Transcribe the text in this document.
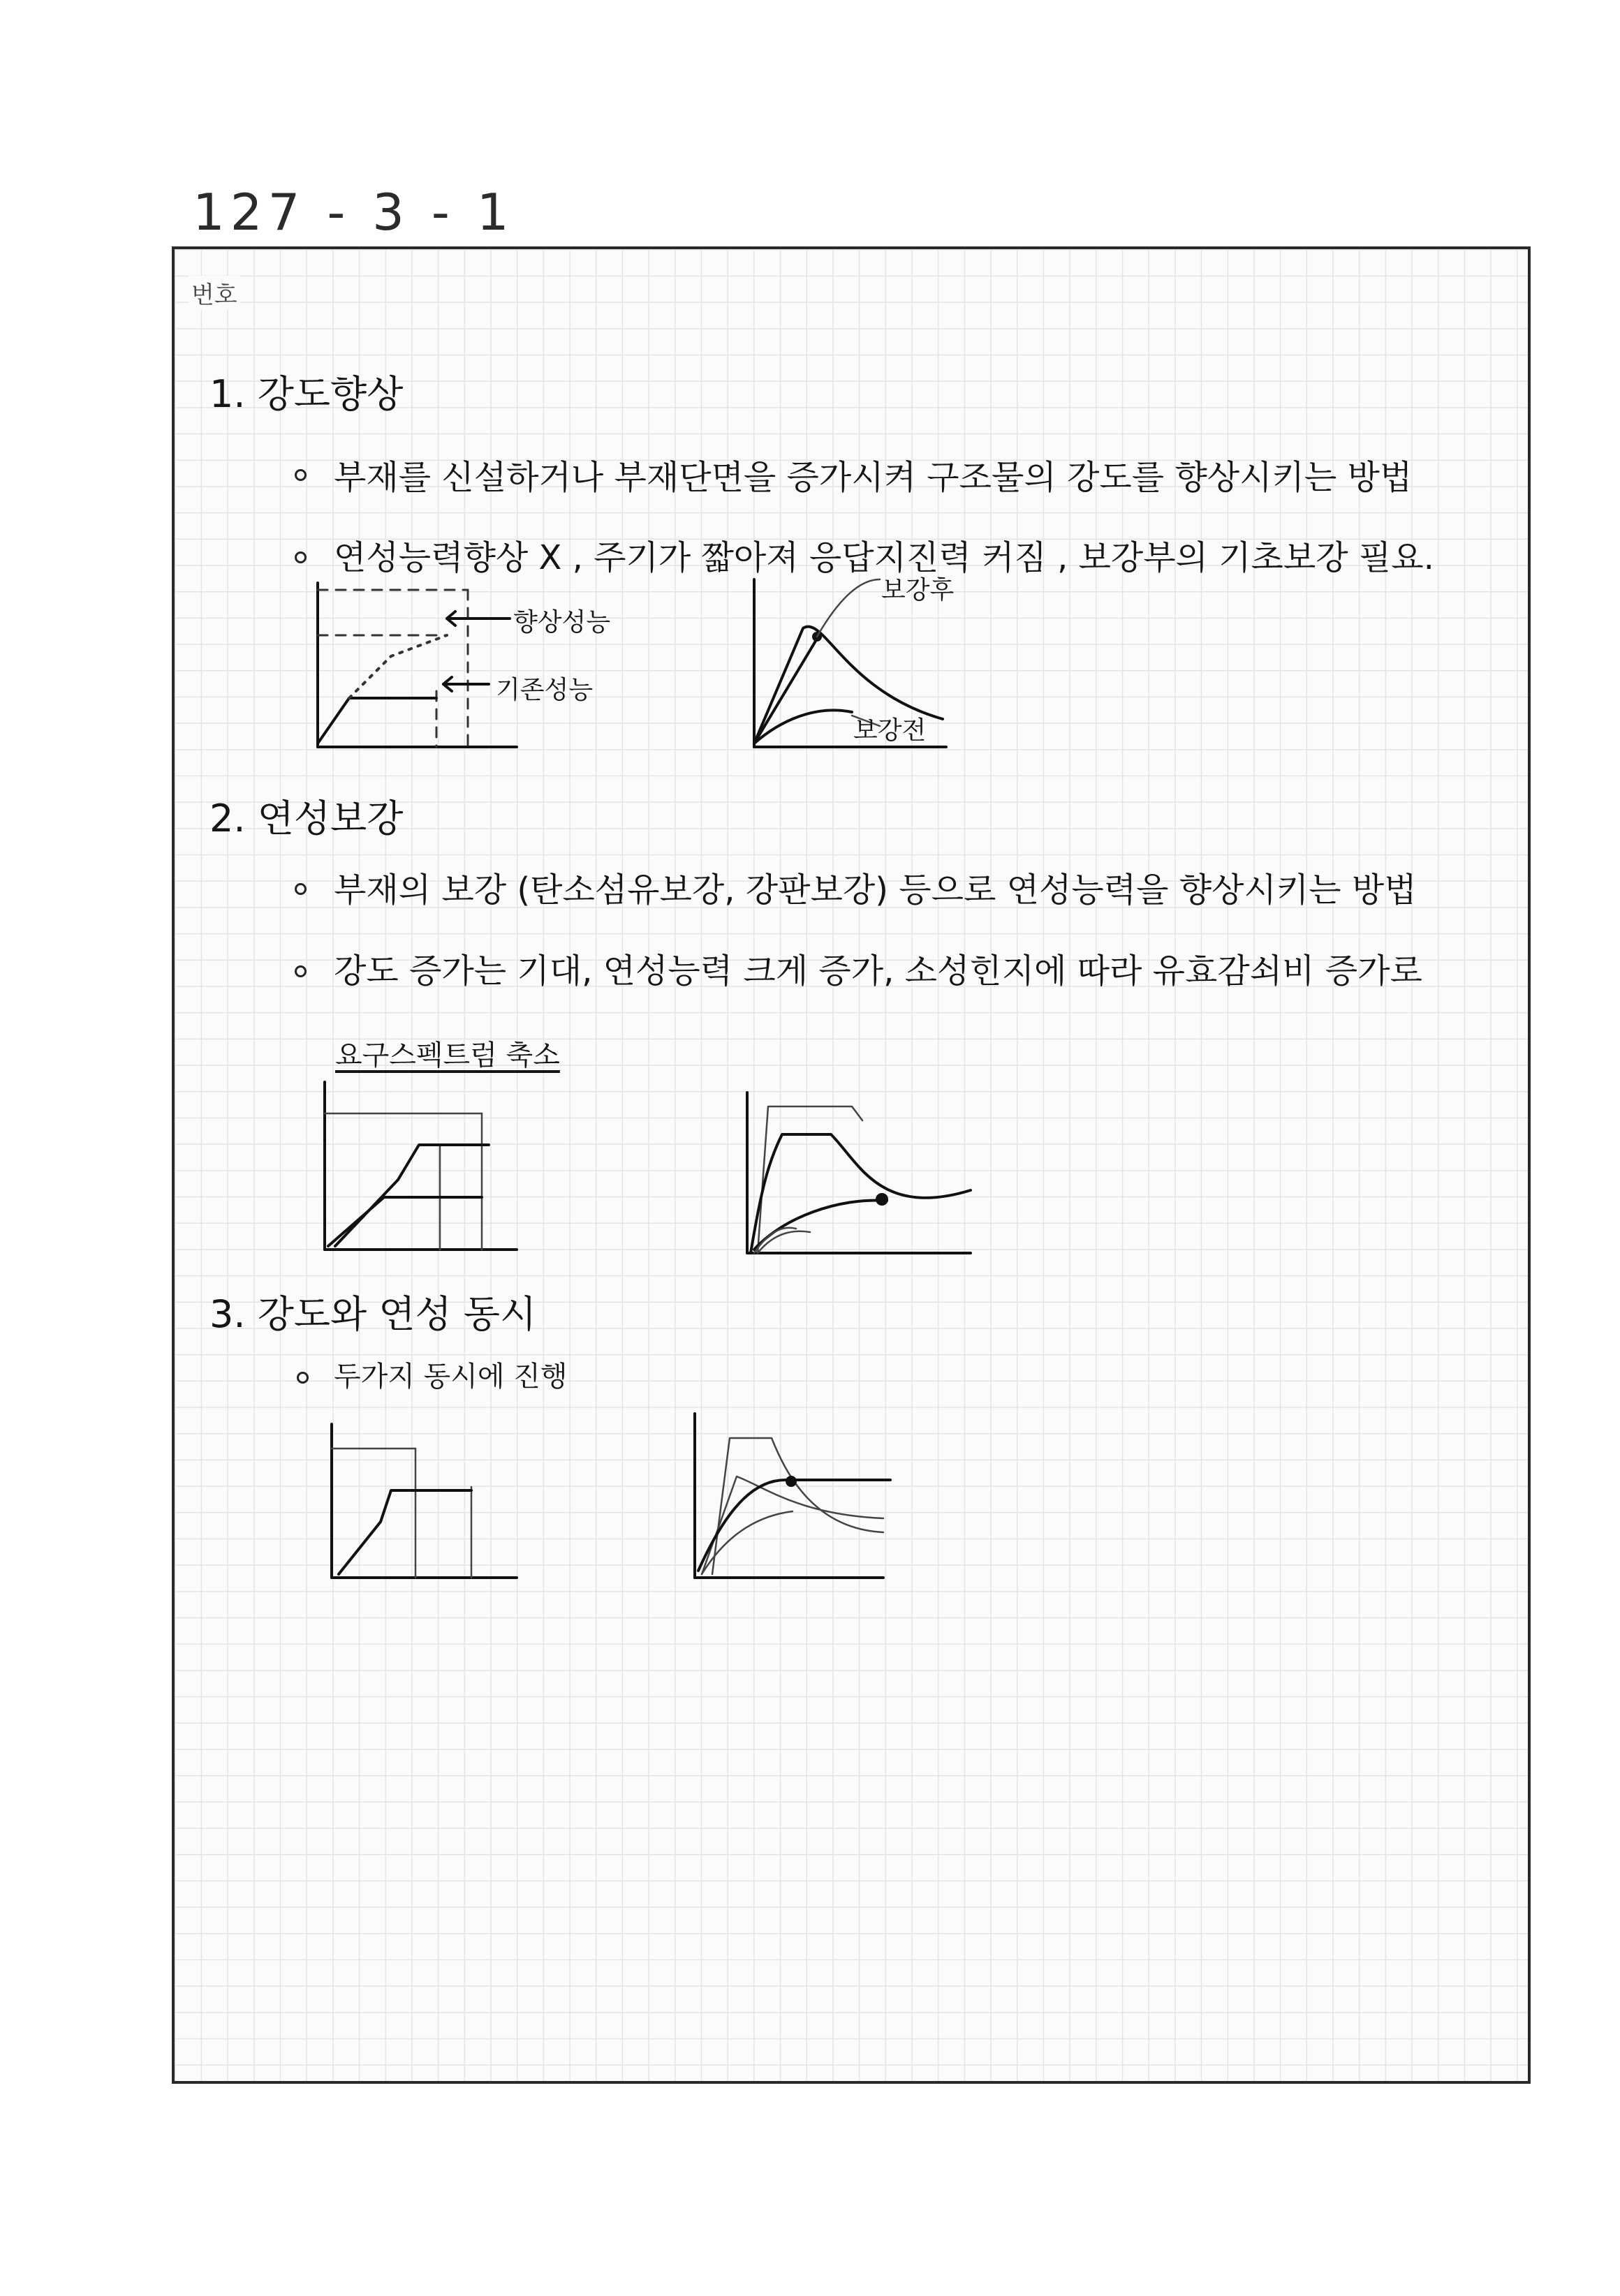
127 - 3 - 1
번호
1. 강도향상
부재를 신설하거나 부재단면을 증가시켜 구조물의 강도를 향상시키는 방법
연성능력향상 X , 주기가 짧아져 응답지진력 커짐 , 보강부의 기초보강 필요.
향상성능
기존성능
보강후
보강전
2. 연성보강
부재의 보강 (탄소섬유보강, 강판보강) 등으로 연성능력을 향상시키는 방법
강도 증가는 기대, 연성능력 크게 증가, 소성힌지에 따라 유효감쇠비 증가로
요구스펙트럼 축소
3. 강도와 연성 동시
두가지 동시에 진행
